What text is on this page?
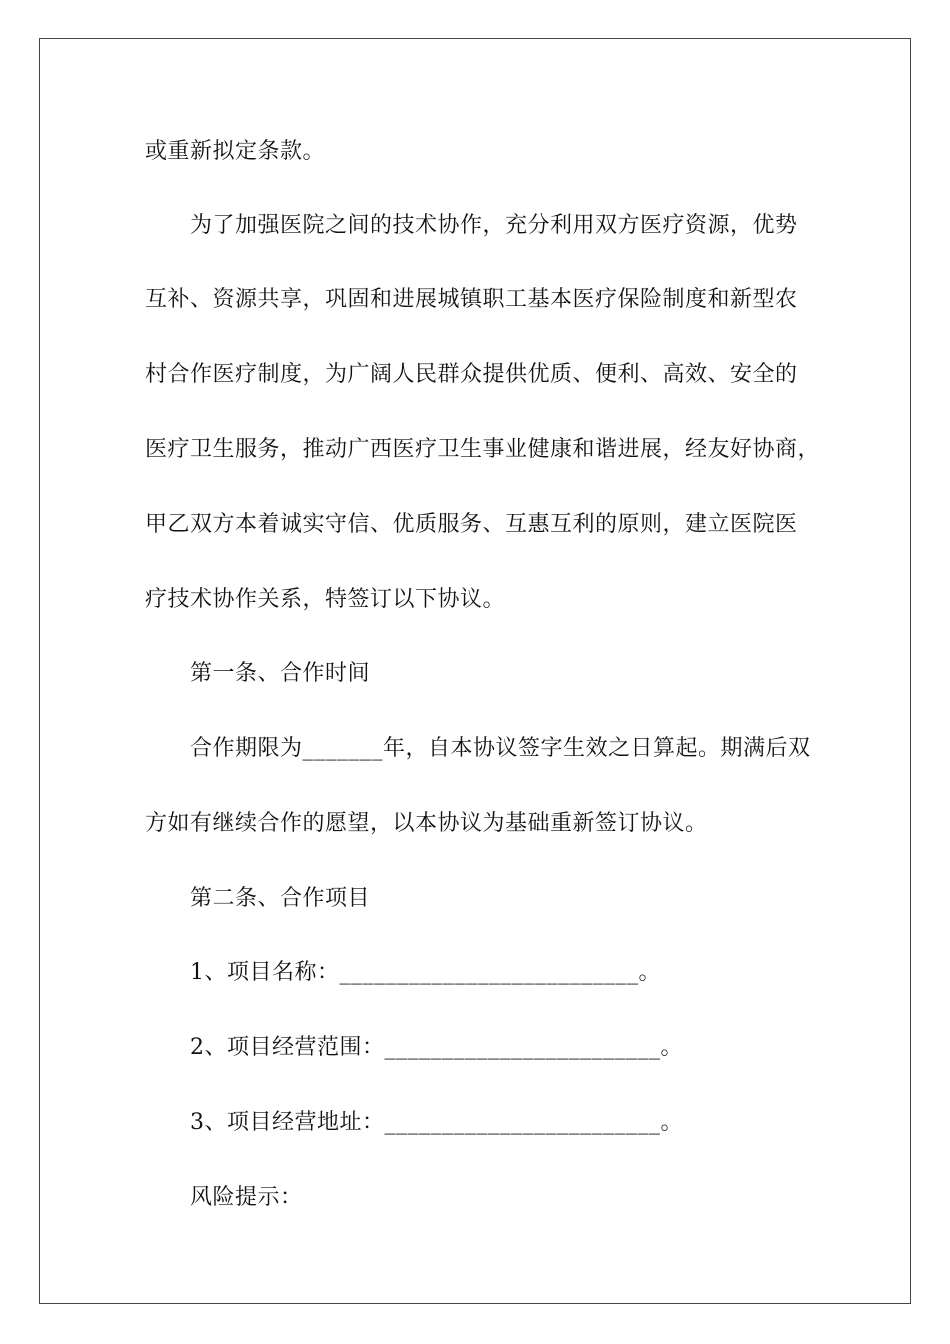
或重新拟定条款。
为了加强医院之间的技术协作，充分利用双方医疗资源，优势
互补、资源共享，巩固和进展城镇职工基本医疗保险制度和新型农
村合作医疗制度，为广阔人民群众提供优质、便利、高效、安全的
医疗卫生服务，推动广西医疗卫生事业健康和谐进展，经友好协商，
甲乙双方本着诚实守信、优质服务、互惠互利的原则，建立医院医
疗技术协作关系，特签订以下协议。
第一条、合作时间
合作期限为_______年，自本协议签字生效之日算起。期满后双
方如有继续合作的愿望，以本协议为基础重新签订协议。
第二条、合作项目
1、项目名称：__________________________。
2、项目经营范围：________________________。
3、项目经营地址：________________________。
风险提示：
